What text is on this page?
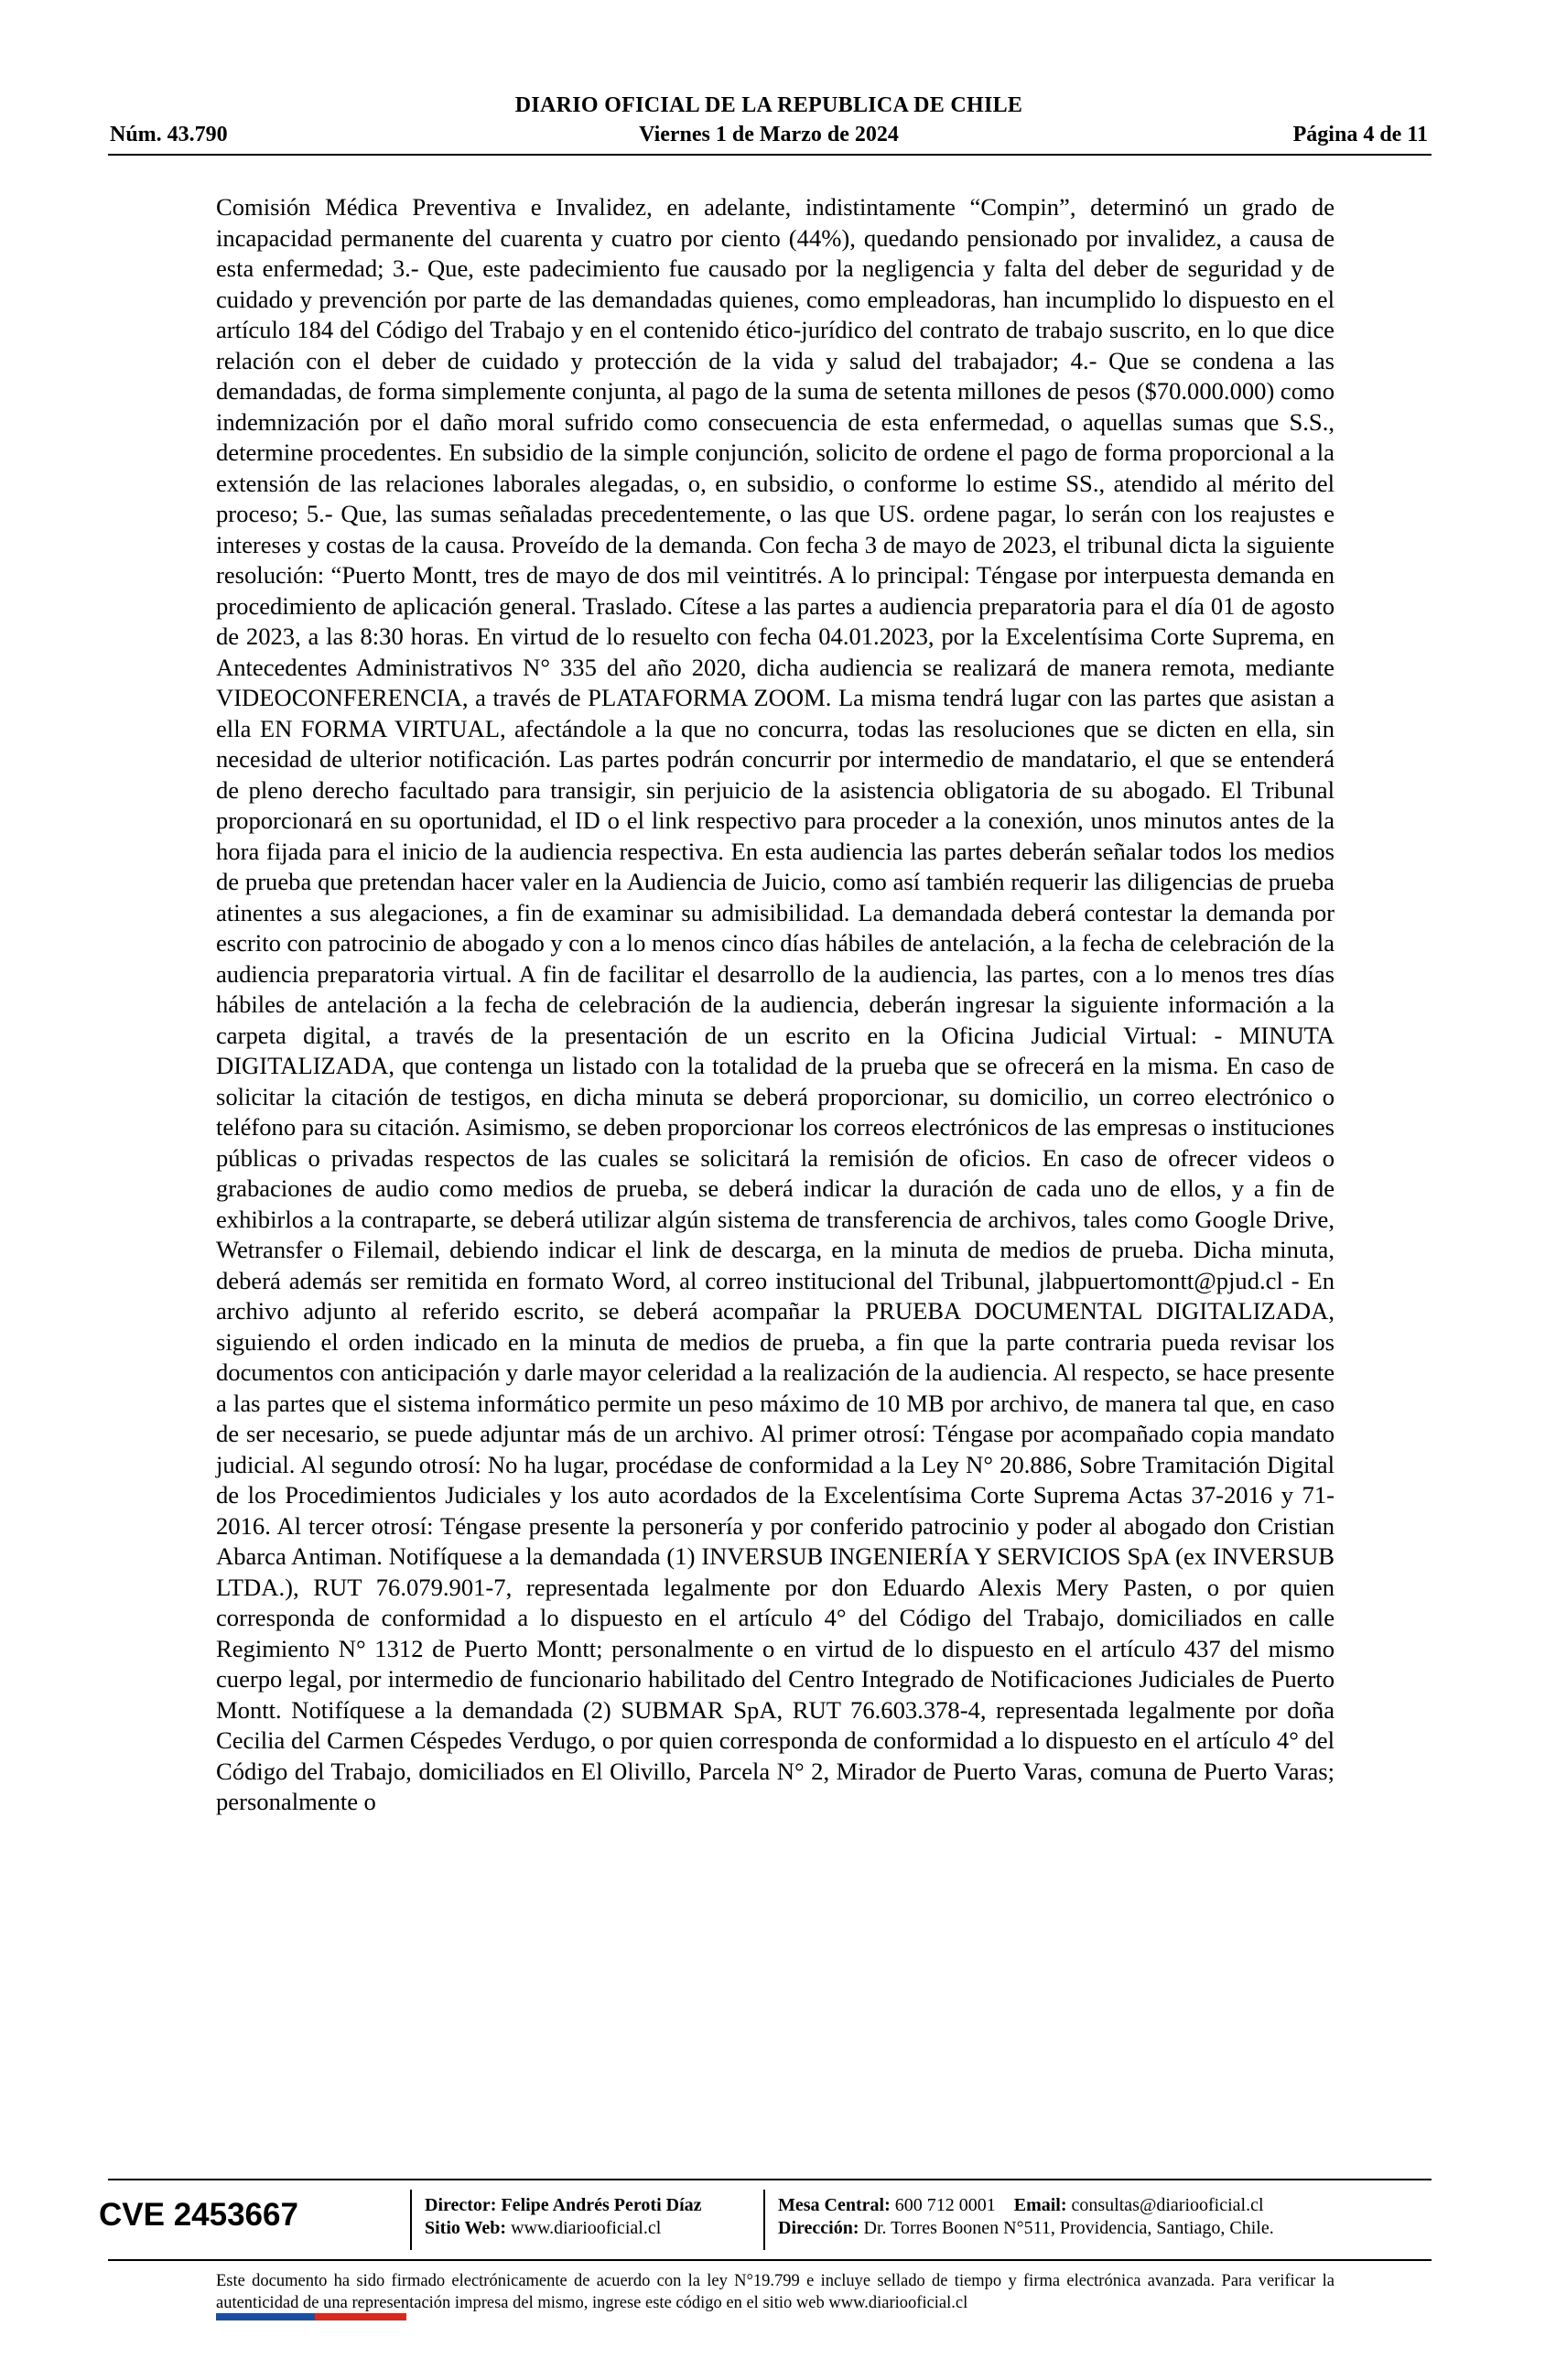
DIARIO OFICIAL DE LA REPUBLICA DE CHILE
Núm. 43.790	Viernes 1 de Marzo de 2024	Página 4 de 11

Comisión Médica Preventiva e Invalidez, en adelante, indistintamente “Compin”, determinó un grado de incapacidad permanente del cuarenta y cuatro por ciento (44%), quedando pensionado por invalidez, a causa de esta enfermedad; 3.- Que, este padecimiento fue causado por la negligencia y falta del deber de seguridad y de cuidado y prevención por parte de las demandadas quienes, como empleadoras, han incumplido lo dispuesto en el artículo 184 del Código del Trabajo y en el contenido ético-jurídico del contrato de trabajo suscrito, en lo que dice relación con el deber de cuidado y protección de la vida y salud del trabajador; 4.- Que se condena a las demandadas, de forma simplemente conjunta, al pago de la suma de setenta millones de pesos ($70.000.000) como indemnización por el daño moral sufrido como consecuencia de esta enfermedad, o aquellas sumas que S.S., determine procedentes. En subsidio de la simple conjunción, solicito de ordene el pago de forma proporcional a la extensión de las relaciones laborales alegadas, o, en subsidio, o conforme lo estime SS., atendido al mérito del proceso; 5.- Que, las sumas señaladas precedentemente, o las que US. ordene pagar, lo serán con los reajustes e intereses y costas de la causa. Proveído de la demanda. Con fecha 3 de mayo de 2023, el tribunal dicta la siguiente resolución: “Puerto Montt, tres de mayo de dos mil veintitrés. A lo principal: Téngase por interpuesta demanda en procedimiento de aplicación general. Traslado. Cítese a las partes a audiencia preparatoria para el día 01 de agosto de 2023, a las 8:30 horas. En virtud de lo resuelto con fecha 04.01.2023, por la Excelentísima Corte Suprema, en Antecedentes Administrativos N° 335 del año 2020, dicha audiencia se realizará de manera remota, mediante VIDEOCONFERENCIA, a través de PLATAFORMA ZOOM. La misma tendrá lugar con las partes que asistan a ella EN FORMA VIRTUAL, afectándole a la que no concurra, todas las resoluciones que se dicten en ella, sin necesidad de ulterior notificación. Las partes podrán concurrir por intermedio de mandatario, el que se entenderá de pleno derecho facultado para transigir, sin perjuicio de la asistencia obligatoria de su abogado. El Tribunal proporcionará en su oportunidad, el ID o el link respectivo para proceder a la conexión, unos minutos antes de la hora fijada para el inicio de la audiencia respectiva. En esta audiencia las partes deberán señalar todos los medios de prueba que pretendan hacer valer en la Audiencia de Juicio, como así también requerir las diligencias de prueba atinentes a sus alegaciones, a fin de examinar su admisibilidad. La demandada deberá contestar la demanda por escrito con patrocinio de abogado y con a lo menos cinco días hábiles de antelación, a la fecha de celebración de la audiencia preparatoria virtual. A fin de facilitar el desarrollo de la audiencia, las partes, con a lo menos tres días hábiles de antelación a la fecha de celebración de la audiencia, deberán ingresar la siguiente información a la carpeta digital, a través de la presentación de un escrito en la Oficina Judicial Virtual: - MINUTA DIGITALIZADA, que contenga un listado con la totalidad de la prueba que se ofrecerá en la misma. En caso de solicitar la citación de testigos, en dicha minuta se deberá proporcionar, su domicilio, un correo electrónico o teléfono para su citación. Asimismo, se deben proporcionar los correos electrónicos de las empresas o instituciones públicas o privadas respectos de las cuales se solicitará la remisión de oficios. En caso de ofrecer videos o grabaciones de audio como medios de prueba, se deberá indicar la duración de cada uno de ellos, y a fin de exhibirlos a la contraparte, se deberá utilizar algún sistema de transferencia de archivos, tales como Google Drive, Wetransfer o Filemail, debiendo indicar el link de descarga, en la minuta de medios de prueba. Dicha minuta, deberá además ser remitida en formato Word, al correo institucional del Tribunal, jlabpuertomontt@pjud.cl - En archivo adjunto al referido escrito, se deberá acompañar la PRUEBA DOCUMENTAL DIGITALIZADA, siguiendo el orden indicado en la minuta de medios de prueba, a fin que la parte contraria pueda revisar los documentos con anticipación y darle mayor celeridad a la realización de la audiencia. Al respecto, se hace presente a las partes que el sistema informático permite un peso máximo de 10 MB por archivo, de manera tal que, en caso de ser necesario, se puede adjuntar más de un archivo. Al primer otrosí: Téngase por acompañado copia mandato judicial. Al segundo otrosí: No ha lugar, procédase de conformidad a la Ley N° 20.886, Sobre Tramitación Digital de los Procedimientos Judiciales y los auto acordados de la Excelentísima Corte Suprema Actas 37-2016 y 71-2016. Al tercer otrosí: Téngase presente la personería y por conferido patrocinio y poder al abogado don Cristian Abarca Antiman. Notifíquese a la demandada (1) INVERSUB INGENIERÍA Y SERVICIOS SpA (ex INVERSUB LTDA.), RUT 76.079.901-7, representada legalmente por don Eduardo Alexis Mery Pasten, o por quien corresponda de conformidad a lo dispuesto en el artículo 4° del Código del Trabajo, domiciliados en calle Regimiento N° 1312 de Puerto Montt; personalmente o en virtud de lo dispuesto en el artículo 437 del mismo cuerpo legal, por intermedio de funcionario habilitado del Centro Integrado de Notificaciones Judiciales de Puerto Montt. Notifíquese a la demandada (2) SUBMAR SpA, RUT 76.603.378-4, representada legalmente por doña Cecilia del Carmen Céspedes Verdugo, o por quien corresponda de conformidad a lo dispuesto en el artículo 4° del Código del Trabajo, domiciliados en El Olivillo, Parcela N° 2, Mirador de Puerto Varas, comuna de Puerto Varas; personalmente o

CVE 2453667	Director: Felipe Andrés Peroti Díaz
Sitio Web: www.diariooficial.cl
Mesa Central: 600 712 0001 Email: consultas@diariooficial.cl
Dirección: Dr. Torres Boonen N°511, Providencia, Santiago, Chile.
Este documento ha sido firmado electrónicamente de acuerdo con la ley N°19.799 e incluye sellado de tiempo y firma electrónica avanzada. Para verificar la autenticidad de una representación impresa del mismo, ingrese este código en el sitio web www.diariooficial.cl
